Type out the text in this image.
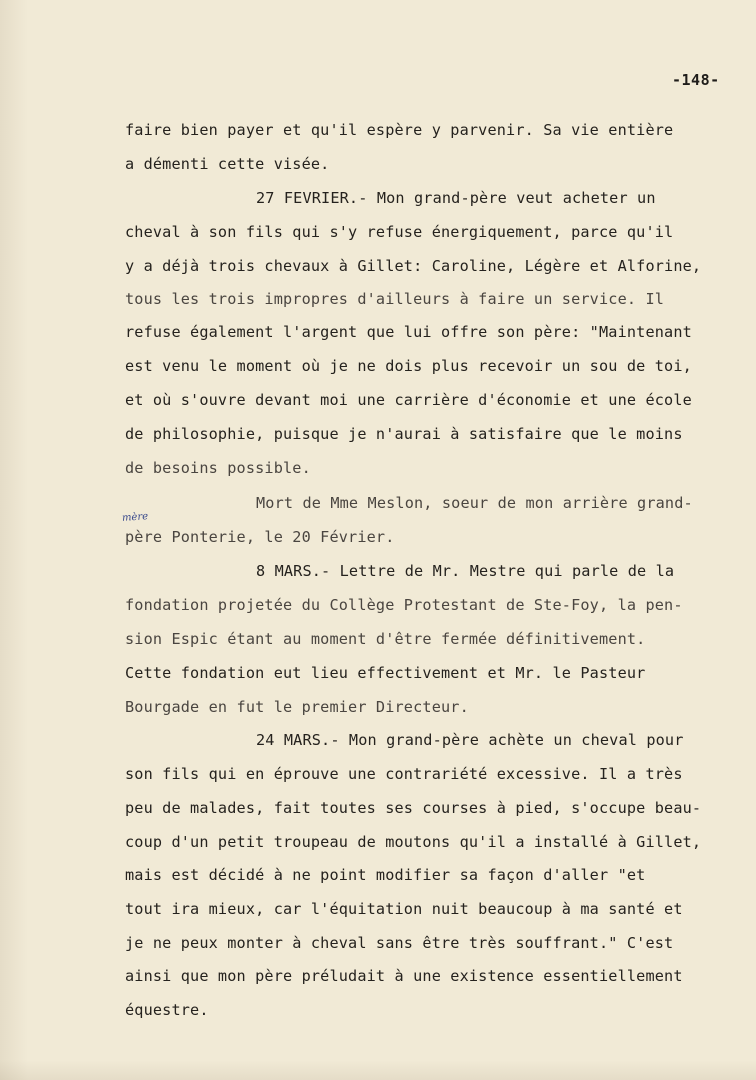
-148-
mère
faire bien payer et qu'il espère y parvenir. Sa vie entière
a démenti cette visée.
27 FEVRIER.- Mon grand-père veut acheter un
cheval à son fils qui s'y refuse énergiquement, parce qu'il
y a déjà trois chevaux à Gillet: Caroline, Légère et Alforine,
tous les trois impropres d'ailleurs à faire un service. Il
refuse également l'argent que lui offre son père: "Maintenant
est venu le moment où je ne dois plus recevoir un sou de toi,
et où s'ouvre devant moi une carrière d'économie et une école
de philosophie, puisque je n'aurai à satisfaire que le moins
de besoins possible.
Mort de Mme Meslon, soeur de mon arrière grand-
père Ponterie, le 20 Février.
8 MARS.- Lettre de Mr. Mestre qui parle de la
fondation projetée du Collège Protestant de Ste-Foy, la pen-
sion Espic étant au moment d'être fermée définitivement.
Cette fondation eut lieu effectivement et Mr. le Pasteur
Bourgade en fut le premier Directeur.
24 MARS.- Mon grand-père achète un cheval pour
son fils qui en éprouve une contrariété excessive. Il a très
peu de malades, fait toutes ses courses à pied, s'occupe beau-
coup d'un petit troupeau de moutons qu'il a installé à Gillet,
mais est décidé à ne point modifier sa façon d'aller "et
tout ira mieux, car l'équitation nuit beaucoup à ma santé et
je ne peux monter à cheval sans être très souffrant." C'est
ainsi que mon père préludait à une existence essentiellement
équestre.
